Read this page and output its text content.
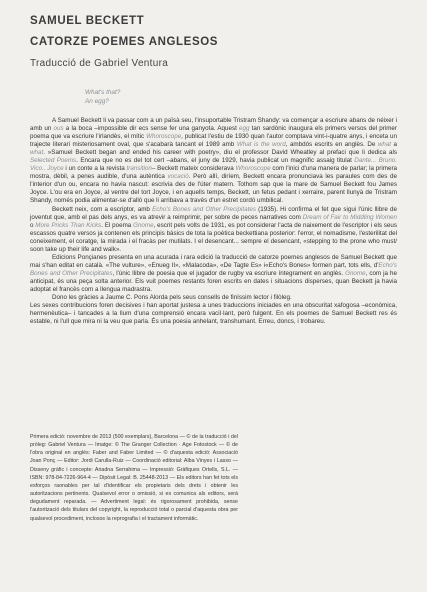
SAMUEL BECKETT
CATORZE POEMES ANGLESOS
Traducció de Gabriel Ventura
What's that?
An egg?

A Samuel Beckett li va passar com a un païsà seu, l'insuportable Tristram Shandy: va començar a escriure abans de néixer i amb un ous a la boca –impossible dir ecs sense fer una ganyota. Aquest egg tan sardònic inaugura els primers versos del primer poema que va escriure l'irlandès, el mític Whoroscope, publicat l'estiu de 1930 quan l'autor comptava vint-i-quatre anys, i enceta un trajecte literari misteriosament oval, que s'acabarà tancant el 1989 amb What is the word, ambdós escrits en anglès. De what a what. »Samuel Beckett began and ended his career with poetry», diu el professor David Wheatley al prefaci que li dedica als Selected Poems. Encara que no es del tot cert –abans, el juny de 1929, havia publicat un magnífic assaig titulat Dante... Bruno. Vico.. Joyce i un conte a la revista transition– Beckett mateix considerava Whoroscope com l'inici d'una manera de parlar; la primera mostra, dèbil, a penes audible, d'una autèntica vocació. Però allí, diríem, Beckett encara pronunciava les paraules com des de l'interior d'un ou, encara no havia nascut: escrivia des de l'úter matern. Tothom sap que la mare de Samuel Beckett fou James Joyce. L'ou era en Joyce, al ventre del tort Joyce, i en aquells temps, Beckett, un fetus pedant i xerraire, parent llunyà de Tristram Shandy, només podia alimentar-se d'allò que li arribava a través d'un estret cordó umbilical.

Beckett neix, com a escriptor, amb Echo's Bones and Other Precipitates (1935). Hi confirma el fet que sigui l'únic llibre de joventut que, amb el pas dels anys, es va atrevir a reimprimir, per sobre de peces narratives com Dream of Fair to Middling Women o More Pricks Than Kicks. El poema Gnome, escrit pels volts de 1931, es pot considerar l'acta de naixement de l'escriptor i els seus escassos quatre versos ja contenen els principis bàsics de tota la poètica beckettiana posterior: l'error, el nomadisme, l'esterilitat del coneixement, el coratge, la mirada i el fracàs per mutilats. I el desencant... sempre el desencant, «stepping to the prone who must/ soon take up their life and walk».

Edicions Ponçianes presenta en una acurada i rara edició la traducció de catorze poemes anglesos de Samuel Beckett que mai s'han editat en català. «The vulture», «Enueg II», «Malacoda», «De Tagte Es» i«Echo's Bones» formen part, tots ells, d'Echo's Bones and Other Precipitates, l'únic llibre de poesia que el jugador de rugby va escriure íntegrament en anglès. Gnome, com ja he anticipat, és una peça solta anterior. Els vuit poemes restants foren escrits en dates i situacions disperses, quan Beckett ja havia adoptat el francès com a llengua madrastra.

Dono les gràcies a Jaume C. Pons Alorda pels seus consells de finíssim lector i filòleg.

Les sexes contribucions foren decisives i han aportat justesa a unes traduccions iniciades en una obscuritat xafogosa –econòmica, hermenèutica– i tancades a la llum d'una comprensió encara vacil·lant, però fulgent. En els poemes de Samuel Beckett res és estable, ni l'ull que mira ni la veu que parla. És una poesia anhelant, transhumant. Erreu, doncs, i trobareu.

Primera edició: novembre de 2013 (500 exemplars), Barcelona — © de la traducció i del pròleg: Gabriel Ventura — Imatge: © The Granger Collection · Age Fotostock — © de l'obra original en anglès: Faber and Faber Limited — © d'aquesta edició: Associació Joan Ponç — Editor: Jordi Carulla-Ruiz — Coordinació editorial: Alba Vinyes i Lasso — Disseny gràfic i concepte: Ariadna Serrahima — Impressió: Gràfiques Ortells, S.L. — ISBN: 978-84-7226-964-4 — Dipòsit Legal: B. 25448-2013 — Els editors han fet tots els esforços raonables per tal d'identificar els propietaris dels drets i obtenir les autoritzacions pertinents. Qualsevol error o omissió, si es comunica als editors, serà degudament reparada. — Advertiment legal: és rigorosament prohibida, sense l'autorització dels titulars del copyright, la reproducció total o parcial d'aquesta obra per qualsevol procediment, inclosos la reprografia i el tractament informàtic.
